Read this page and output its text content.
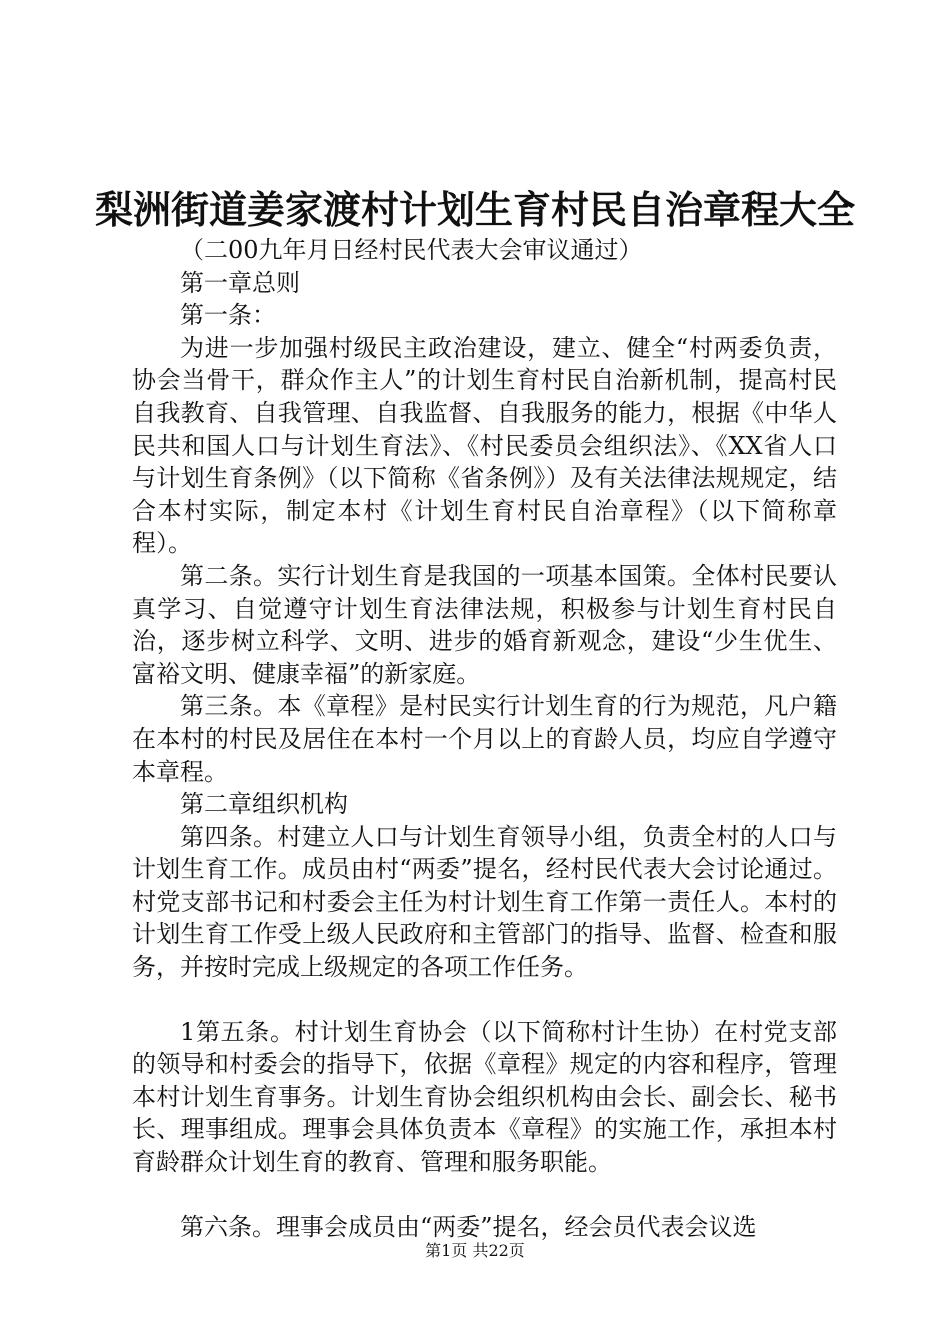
梨洲街道姜家渡村计划生育村民自治章程大全

（二00九年月日经村民代表大会审议通过）

第一章总则

第一条：

为进一步加强村级民主政治建设，建立、健全“村两委负责，协会当骨干，群众作主人”的计划生育村民自治新机制，提高村民自我教育、自我管理、自我监督、自我服务的能力，根据《中华人民共和国人口与计划生育法》、《村民委员会组织法》、《XX省人口与计划生育条例》（以下简称《省条例》）及有关法律法规规定，结合本村实际，制定本村《计划生育村民自治章程》（以下简称章程）。

第二条。实行计划生育是我国的一项基本国策。全体村民要认真学习、自觉遵守计划生育法律法规，积极参与计划生育村民自治，逐步树立科学、文明、进步的婚育新观念，建设“少生优生、富裕文明、健康幸福”的新家庭。

第三条。本《章程》是村民实行计划生育的行为规范，凡户籍在本村的村民及居住在本村一个月以上的育龄人员，均应自学遵守本章程。

第二章组织机构

第四条。村建立人口与计划生育领导小组，负责全村的人口与计划生育工作。成员由村“两委”提名，经村民代表大会讨论通过。村党支部书记和村委会主任为村计划生育工作第一责任人。本村的计划生育工作受上级人民政府和主管部门的指导、监督、检查和服务，并按时完成上级规定的各项工作任务。

1第五条。村计划生育协会（以下简称村计生协）在村党支部的领导和村委会的指导下，依据《章程》规定的内容和程序，管理本村计划生育事务。计划生育协会组织机构由会长、副会长、秘书长、理事组成。理事会具体负责本《章程》的实施工作，承担本村育龄群众计划生育的教育、管理和服务职能。

第六条。理事会成员由“两委”提名，经会员代表会议选

第1页 共22页
